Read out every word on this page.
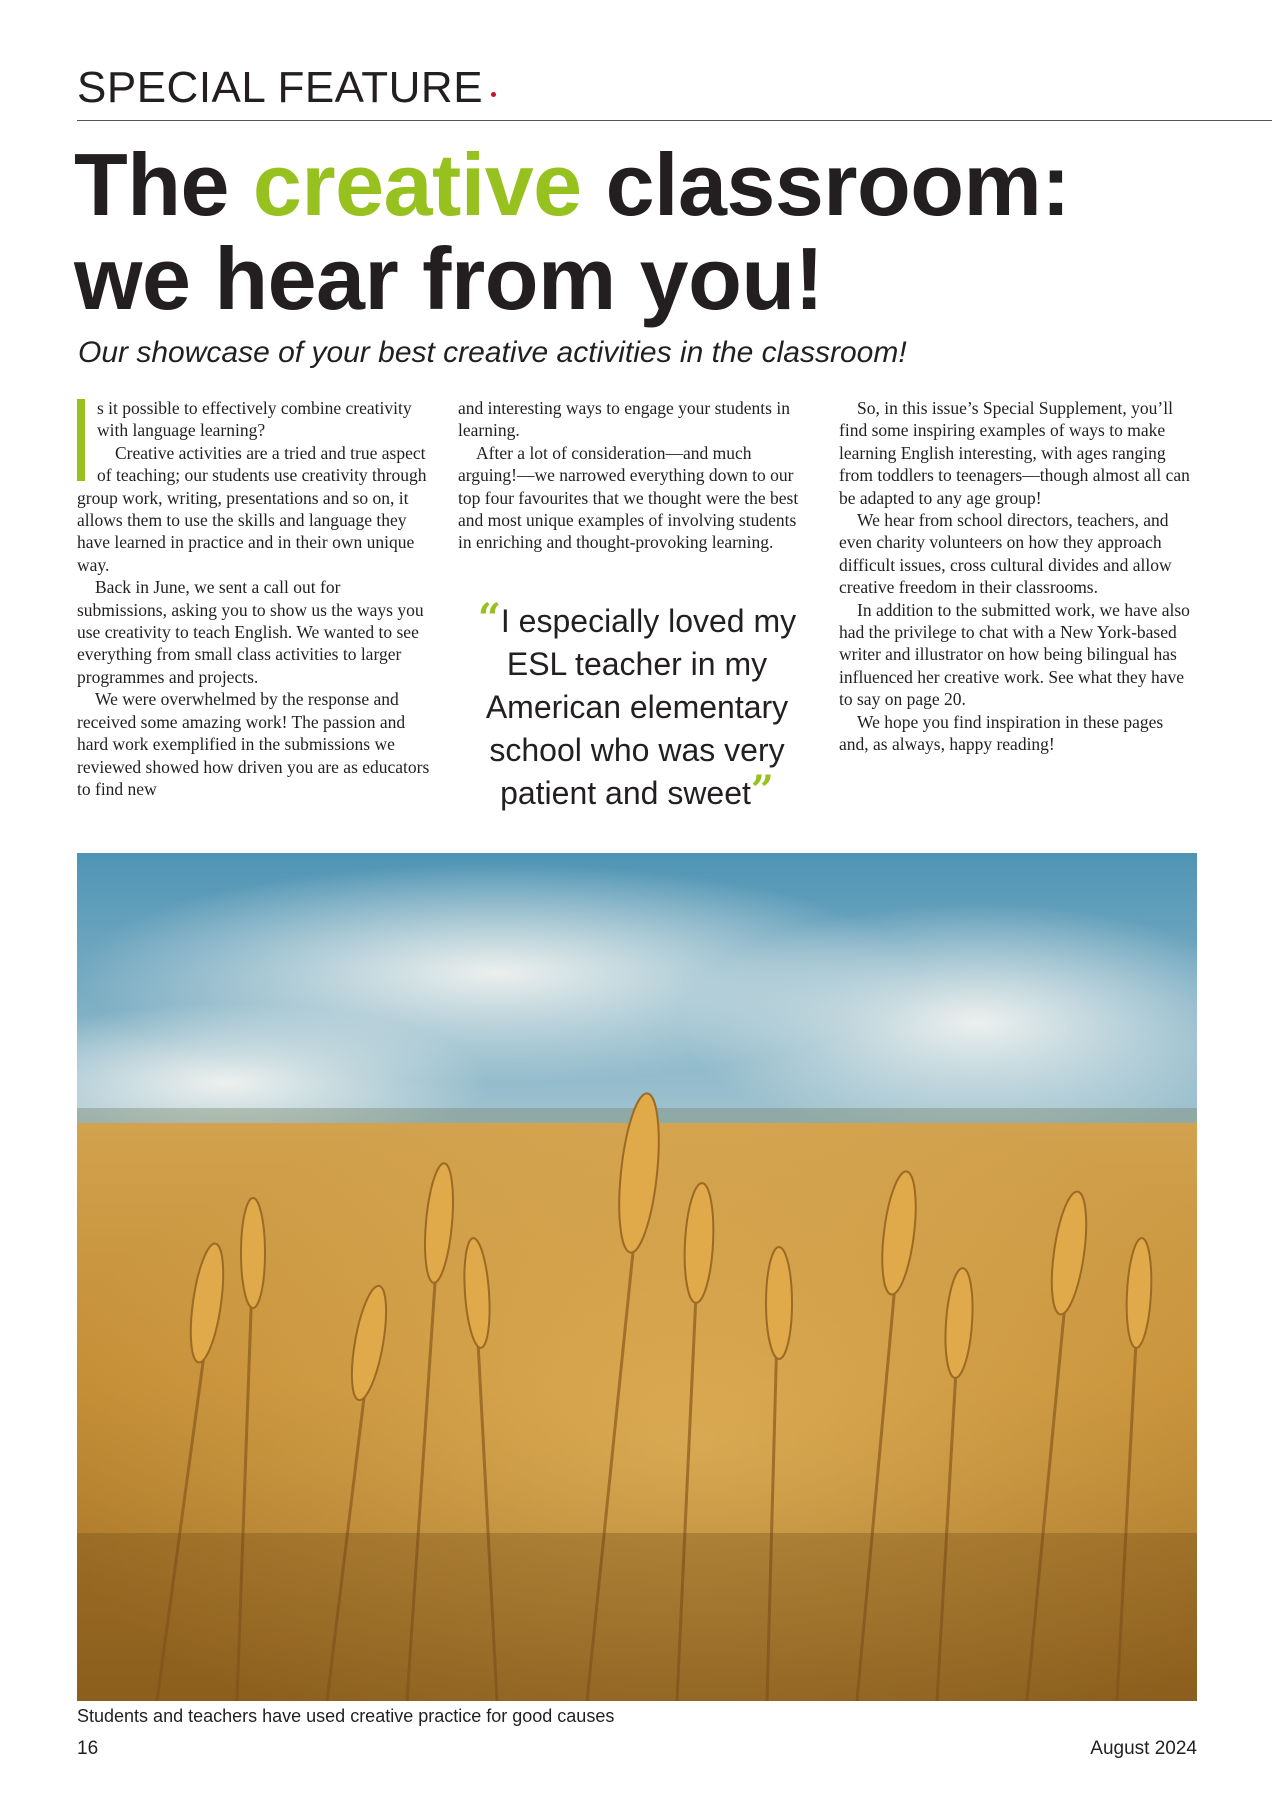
SPECIAL FEATURE
The creative classroom:
we hear from you!

Our showcase of your best creative activities in the classroom!

s it possible to effectively combine creativity with language learning?

Creative activities are a tried and true aspect of teaching; our students use creativity through group work, writing, presentations and so on, it allows them to use the skills and language they have learned in practice and in their own unique way.

Back in June, we sent a call out for submissions, asking you to show us the ways you use creativity to teach English. We wanted to see everything from small class activities to larger programmes and projects.

We were overwhelmed by the response and received some amazing work! The passion and hard work exemplified in the submissions we reviewed showed how driven you are as educators to find new

and interesting ways to engage your students in learning.

After a lot of consideration—and much arguing!—we narrowed everything down to our top four favourites that we thought were the best and most unique examples of involving students in enriching and thought-provoking learning.

“I especially loved my ESL teacher in my American elementary school who was very patient and sweet”

So, in this issue’s Special Supplement, you’ll find some inspiring examples of ways to make learning English interesting, with ages ranging from toddlers to teenagers—though almost all can be adapted to any age group!

We hear from school directors, teachers, and even charity volunteers on how they approach difficult issues, cross cultural divides and allow creative freedom in their classrooms.

In addition to the submitted work, we have also had the privilege to chat with a New York-based writer and illustrator on how being bilingual has influenced her creative work. See what they have to say on page 20.

We hope you find inspiration in these pages and, as always, happy reading!

Students and teachers have used creative practice for good causes
16	August 2024
